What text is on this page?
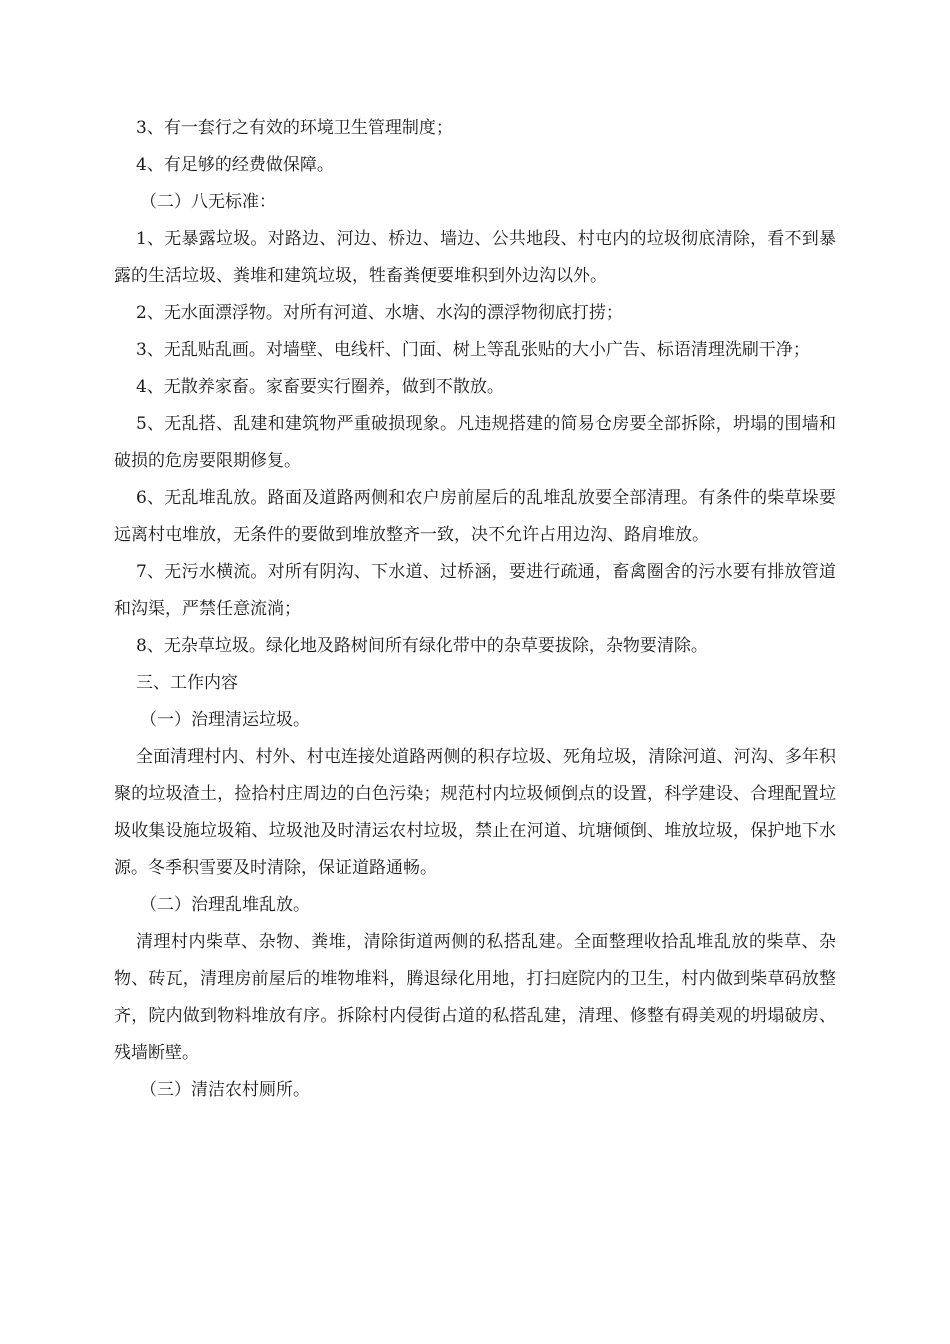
3、有一套行之有效的环境卫生管理制度；

4、有足够的经费做保障。

（二）八无标准：

1、无暴露垃圾。对路边、河边、桥边、墙边、公共地段、村屯内的垃圾彻底清除，看不到暴露的生活垃圾、粪堆和建筑垃圾，牲畜粪便要堆积到外边沟以外。

2、无水面漂浮物。对所有河道、水塘、水沟的漂浮物彻底打捞；

3、无乱贴乱画。对墙壁、电线杆、门面、树上等乱张贴的大小广告、标语清理洗刷干净；

4、无散养家畜。家畜要实行圈养，做到不散放。

5、无乱搭、乱建和建筑物严重破损现象。凡违规搭建的简易仓房要全部拆除，坍塌的围墙和破损的危房要限期修复。

6、无乱堆乱放。路面及道路两侧和农户房前屋后的乱堆乱放要全部清理。有条件的柴草垛要远离村屯堆放，无条件的要做到堆放整齐一致，决不允许占用边沟、路肩堆放。

7、无污水横流。对所有阴沟、下水道、过桥涵，要进行疏通，畜禽圈舍的污水要有排放管道和沟渠，严禁任意流淌；

8、无杂草垃圾。绿化地及路树间所有绿化带中的杂草要拔除，杂物要清除。

三、工作内容

（一）治理清运垃圾。

全面清理村内、村外、村屯连接处道路两侧的积存垃圾、死角垃圾，清除河道、河沟、多年积聚的垃圾渣土，捡拾村庄周边的白色污染；规范村内垃圾倾倒点的设置，科学建设、合理配置垃圾收集设施垃圾箱、垃圾池及时清运农村垃圾，禁止在河道、坑塘倾倒、堆放垃圾，保护地下水源。冬季积雪要及时清除，保证道路通畅。

（二）治理乱堆乱放。

清理村内柴草、杂物、粪堆，清除街道两侧的私搭乱建。全面整理收拾乱堆乱放的柴草、杂物、砖瓦，清理房前屋后的堆物堆料，腾退绿化用地，打扫庭院内的卫生，村内做到柴草码放整齐，院内做到物料堆放有序。拆除村内侵街占道的私搭乱建，清理、修整有碍美观的坍塌破房、残墙断壁。

（三）清洁农村厕所。
